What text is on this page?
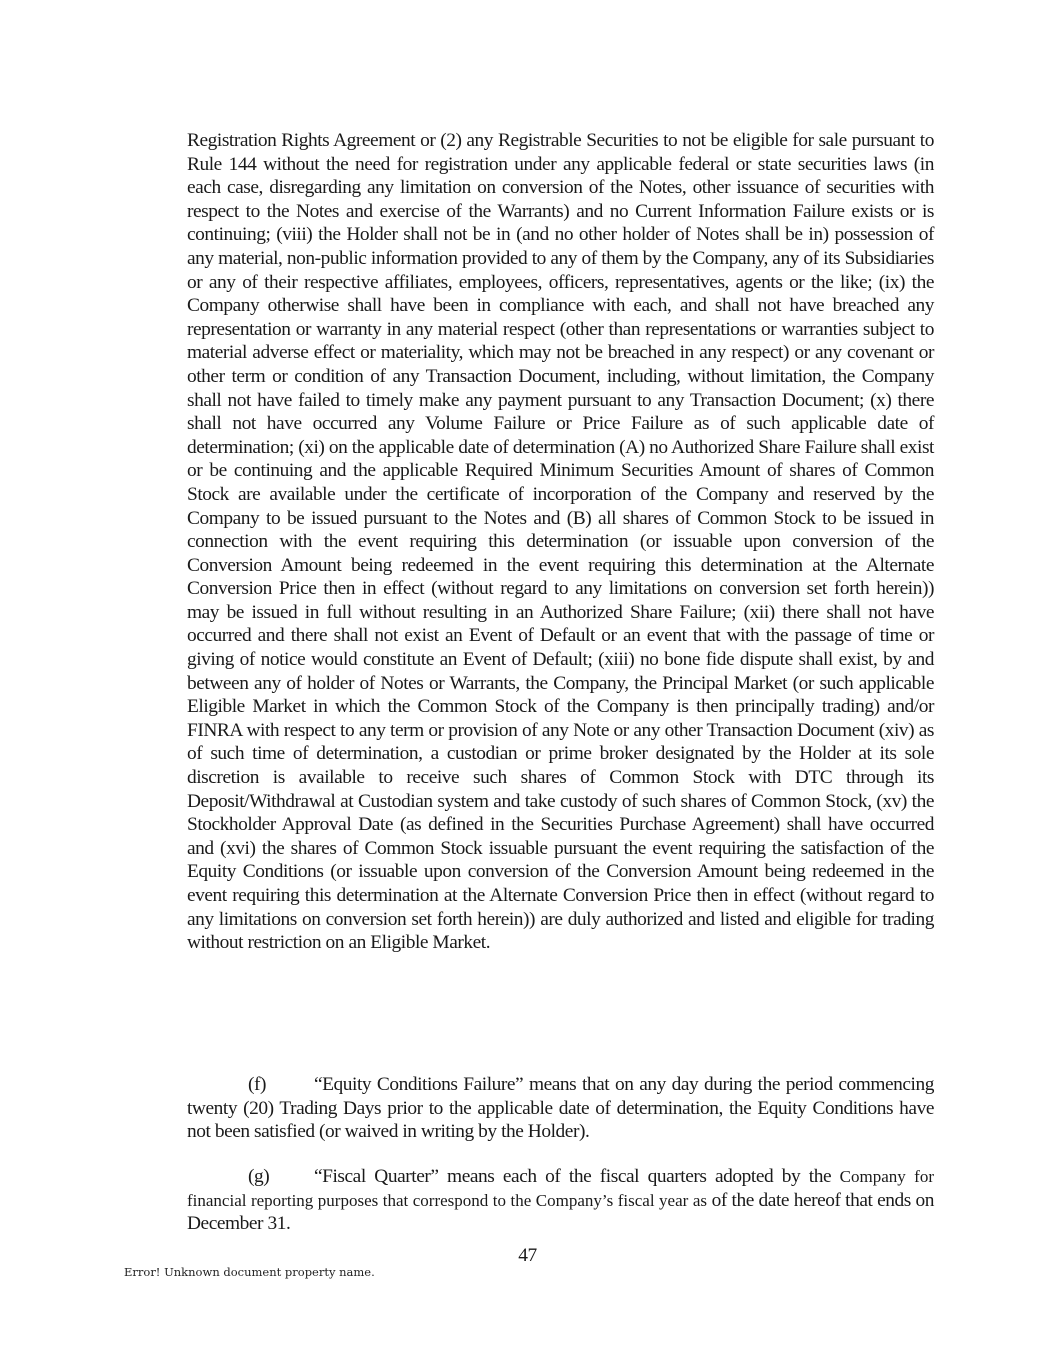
Registration Rights Agreement or (2) any Registrable Securities to not be eligible for sale pursuant to Rule 144 without the need for registration under any applicable federal or state securities laws (in each case, disregarding any limitation on conversion of the Notes, other issuance of securities with respect to the Notes and exercise of the Warrants) and no Current Information Failure exists or is continuing; (viii) the Holder shall not be in (and no other holder of Notes shall be in) possession of any material, non-public information provided to any of them by the Company, any of its Subsidiaries or any of their respective affiliates, employees, officers, representatives, agents or the like; (ix) the Company otherwise shall have been in compliance with each, and shall not have breached any representation or warranty in any material respect (other than representations or warranties subject to material adverse effect or materiality, which may not be breached in any respect) or any covenant or other term or condition of any Transaction Document, including, without limitation, the Company shall not have failed to timely make any payment pursuant to any Transaction Document; (x) there shall not have occurred any Volume Failure or Price Failure as of such applicable date of determination; (xi) on the applicable date of determination (A) no Authorized Share Failure shall exist or be continuing and the applicable Required Minimum Securities Amount of shares of Common Stock are available under the certificate of incorporation of the Company and reserved by the Company to be issued pursuant to the Notes and (B) all shares of Common Stock to be issued in connection with the event requiring this determination (or issuable upon conversion of the Conversion Amount being redeemed in the event requiring this determination at the Alternate Conversion Price then in effect (without regard to any limitations on conversion set forth herein)) may be issued in full without resulting in an Authorized Share Failure; (xii) there shall not have occurred and there shall not exist an Event of Default or an event that with the passage of time or giving of notice would constitute an Event of Default; (xiii) no bone fide dispute shall exist, by and between any of holder of Notes or Warrants, the Company, the Principal Market (or such applicable Eligible Market in which the Common Stock of the Company is then principally trading) and/or FINRA with respect to any term or provision of any Note or any other Transaction Document (xiv) as of such time of determination, a custodian or prime broker designated by the Holder at its sole discretion is available to receive such shares of Common Stock with DTC through its Deposit/Withdrawal at Custodian system and take custody of such shares of Common Stock, (xv) the Stockholder Approval Date (as defined in the Securities Purchase Agreement) shall have occurred and (xvi) the shares of Common Stock issuable pursuant the event requiring the satisfaction of the Equity Conditions (or issuable upon conversion of the Conversion Amount being redeemed in the event requiring this determination at the Alternate Conversion Price then in effect (without regard to any limitations on conversion set forth herein)) are duly authorized and listed and eligible for trading without restriction on an Eligible Market.

(f) “Equity Conditions Failure” means that on any day during the period commencing twenty (20) Trading Days prior to the applicable date of determination, the Equity Conditions have not been satisfied (or waived in writing by the Holder).

(g) “Fiscal Quarter” means each of the fiscal quarters adopted by the Company for financial reporting purposes that correspond to the Company’s fiscal year as of the date hereof that ends on December 31.

47
Error! Unknown document property name.
